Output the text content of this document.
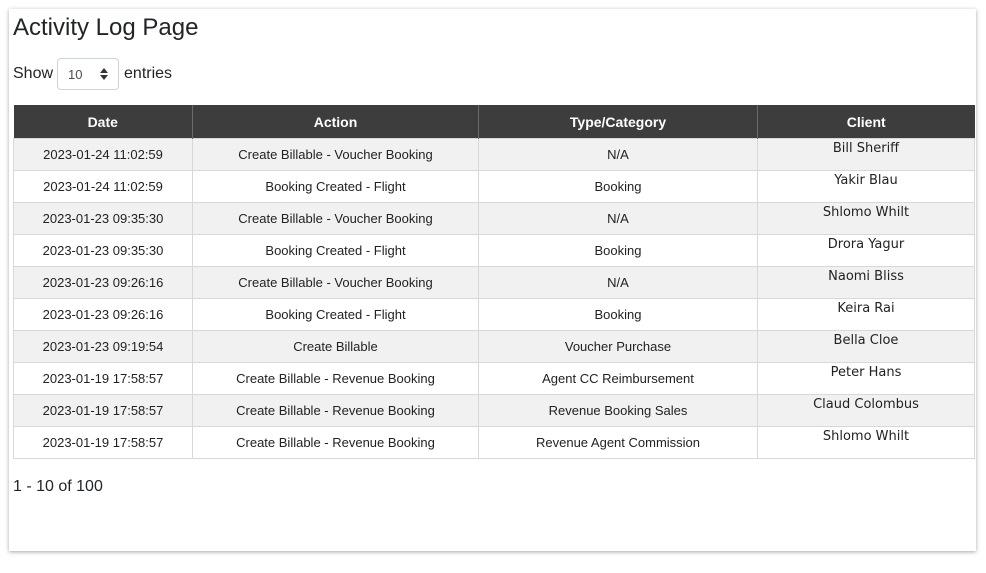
Activity Log Page
Show 10	entries
Date	Action	Type/Category	Client
2023-01-24 11:02:59	Create Billable - Voucher Booking	N/A	Bill Sheriff
2023-01-24 11:02:59	Booking Created - Flight	Booking	Yakir Blau
2023-01-23 09:35:30	Create Billable - Voucher Booking	N/A	Shlomo Whilt
2023-01-23 09:35:30	Booking Created - Flight	Booking	Drora Yagur
2023-01-23 09:26:16	Create Billable - Voucher Booking	N/A	Naomi Bliss
2023-01-23 09:26:16	Booking Created - Flight	Booking	Keira Rai
2023-01-23 09:19:54	Create Billable	Voucher Purchase	Bella Cloe
2023-01-19 17:58:57	Create Billable - Revenue Booking	Agent CC Reimbursement	Peter Hans
2023-01-19 17:58:57	Create Billable - Revenue Booking	Revenue Booking Sales	Claud Colombus
2023-01-19 17:58:57	Create Billable - Revenue Booking	Revenue Agent Commission	Shlomo Whilt
1 - 10 of 100
